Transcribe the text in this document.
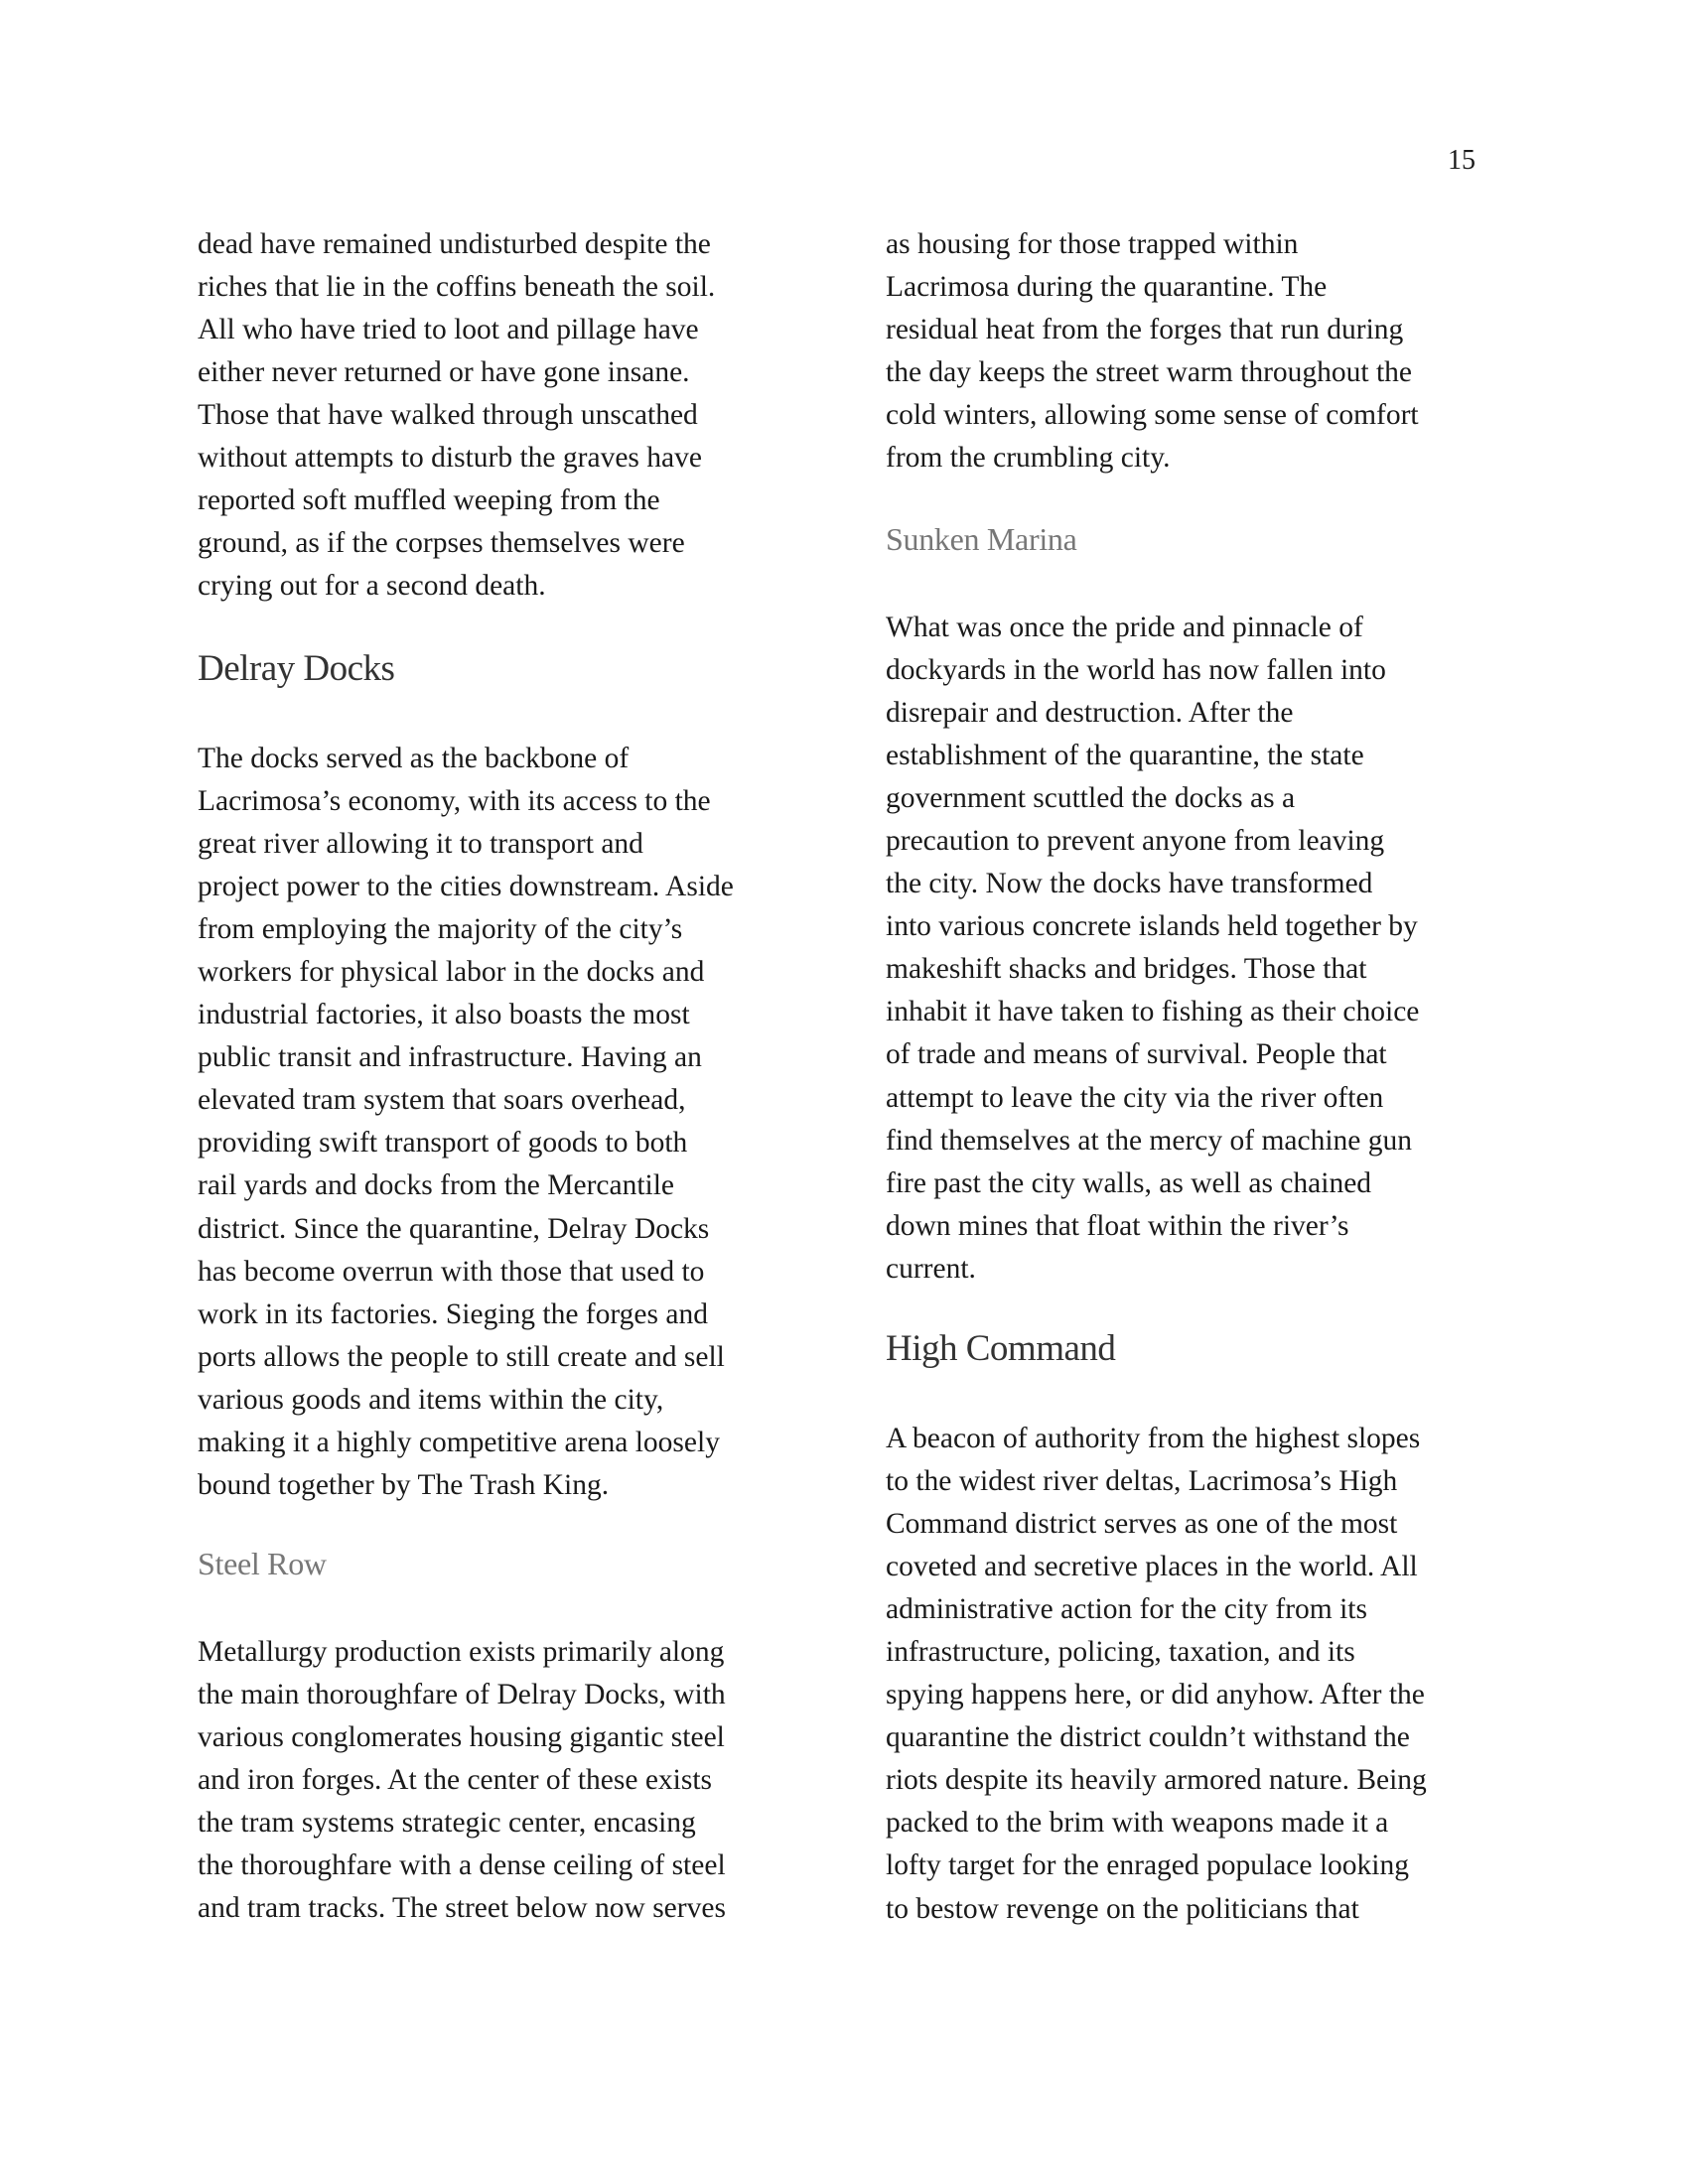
15
dead have remained undisturbed despite the
riches that lie in the coffins beneath the soil.
All who have tried to loot and pillage have
either never returned or have gone insane.
Those that have walked through unscathed
without attempts to disturb the graves have
reported soft muffled weeping from the
ground, as if the corpses themselves were
crying out for a second death.
Delray Docks
The docks served as the backbone of
Lacrimosa’s economy, with its access to the
great river allowing it to transport and
project power to the cities downstream. Aside
from employing the majority of the city’s
workers for physical labor in the docks and
industrial factories, it also boasts the most
public transit and infrastructure. Having an
elevated tram system that soars overhead,
providing swift transport of goods to both
rail yards and docks from the Mercantile
district. Since the quarantine, Delray Docks
has become overrun with those that used to
work in its factories. Sieging the forges and
ports allows the people to still create and sell
various goods and items within the city,
making it a highly competitive arena loosely
bound together by The Trash King.
Steel Row
Metallurgy production exists primarily along
the main thoroughfare of Delray Docks, with
various conglomerates housing gigantic steel
and iron forges. At the center of these exists
the tram systems strategic center, encasing
the thoroughfare with a dense ceiling of steel
and tram tracks. The street below now serves
as housing for those trapped within
Lacrimosa during the quarantine. The
residual heat from the forges that run during
the day keeps the street warm throughout the
cold winters, allowing some sense of comfort
from the crumbling city.
Sunken Marina
What was once the pride and pinnacle of
dockyards in the world has now fallen into
disrepair and destruction. After the
establishment of the quarantine, the state
government scuttled the docks as a
precaution to prevent anyone from leaving
the city. Now the docks have transformed
into various concrete islands held together by
makeshift shacks and bridges. Those that
inhabit it have taken to fishing as their choice
of trade and means of survival. People that
attempt to leave the city via the river often
find themselves at the mercy of machine gun
fire past the city walls, as well as chained
down mines that float within the river’s
current.
High Command
A beacon of authority from the highest slopes
to the widest river deltas, Lacrimosa’s High
Command district serves as one of the most
coveted and secretive places in the world. All
administrative action for the city from its
infrastructure, policing, taxation, and its
spying happens here, or did anyhow. After the
quarantine the district couldn’t withstand the
riots despite its heavily armored nature. Being
packed to the brim with weapons made it a
lofty target for the enraged populace looking
to bestow revenge on the politicians that
